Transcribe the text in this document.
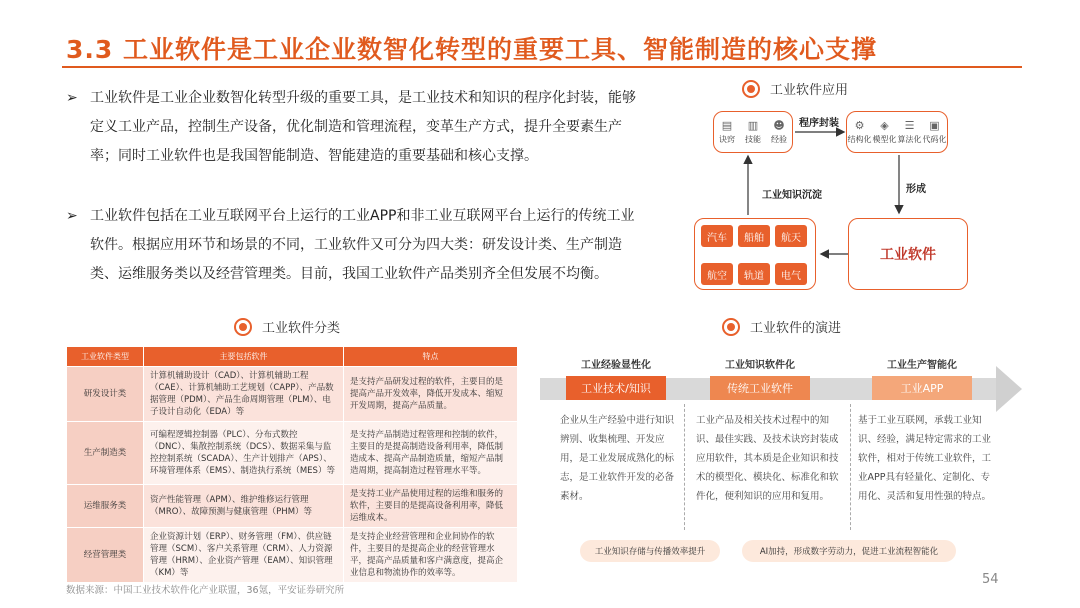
3.3 工业软件是工业企业数智化转型的重要工具、智能制造的核心支撑
➢ 工业软件是工业企业数智化转型升级的重要工具，是工业技术和知识的程序化封装，能够定义工业产品，控制生产设备，优化制造和管理流程，变革生产方式，提升全要素生产率；同时工业软件也是我国智能制造、智能建造的重要基础和核心支撑。
➢ 工业软件包括在工业互联网平台上运行的工业APP和非工业互联网平台上运行的传统工业软件。根据应用环节和场景的不同，工业软件又可分为四大类：研发设计类、生产制造类、运维服务类以及经营管理类。目前，我国工业软件产品类别齐全但发展不均衡。
工业软件应用
▤
诀窍
▥
技能
☻
经验
⚙
结构化
◈
模型化
☰
算法化
▣
代码化
程序封装
工业知识沉淀
形成
汽车	船舶	航天
航空	轨道	电气
工业软件
工业软件分类
工业软件类型	主要包括软件	特点
研发设计类	计算机辅助设计（CAD）、计算机辅助工程（CAE）、计算机辅助工艺规划（CAPP）、产品数据管理（PDM）、产品生命周期管理（PLM）、电子设计自动化（EDA）等	是支持产品研发过程的软件，主要目的是提高产品开发效率，降低开发成本、缩短开发周期，提高产品质量。
生产制造类	可编程逻辑控制器（PLC）、分布式数控（DNC）、集散控制系统（DCS）、数据采集与监控控制系统（SCADA）、生产计划排产（APS）、环境管理体系（EMS）、制造执行系统（MES）等	是支持产品制造过程管理和控制的软件，主要目的是提高制造设备利用率，降低制造成本、提高产品制造质量，缩短产品制造周期，提高制造过程管理水平等。
运维服务类	资产性能管理（APM）、维护维修运行管理（MRO）、故障预测与健康管理（PHM）等	是支持工业产品使用过程的运维和服务的软件，主要目的是提高设备利用率，降低运维成本。
经营管理类	企业资源计划（ERP）、财务管理（FM）、供应链管理（SCM）、客户关系管理（CRM）、人力资源管理（HRM）、企业资产管理（EAM）、知识管理（KM）等	是支持企业经营管理和企业间协作的软件，主要目的是提高企业的经营管理水平，提高产品质量和客户满意度，提高企业信息和物流协作的效率等。
工业软件的演进
工业经验显性化	工业知识软件化	工业生产智能化
工业技术/知识	传统工业软件	工业APP
企业从生产经验中进行知识辨别、收集梳理、开发应用，是工业发展成熟化的标志，是工业软件开发的必备素材。
工业产品及相关技术过程中的知识、最佳实践、及技术诀窍封装成应用软件，其本质是企业知识和技术的模型化、模块化、标准化和软件化，便利知识的应用和复用。
基于工业互联网，承载工业知识、经验，满足特定需求的工业软件，相对于传统工业软件，工业APP具有轻量化、定制化、专用化、灵活和复用性强的特点。
工业知识存储与传播效率提升	AI加持，形成数字劳动力，促进工业流程智能化
数据来源：中国工业技术软件化产业联盟，36氪，平安证券研究所
54
